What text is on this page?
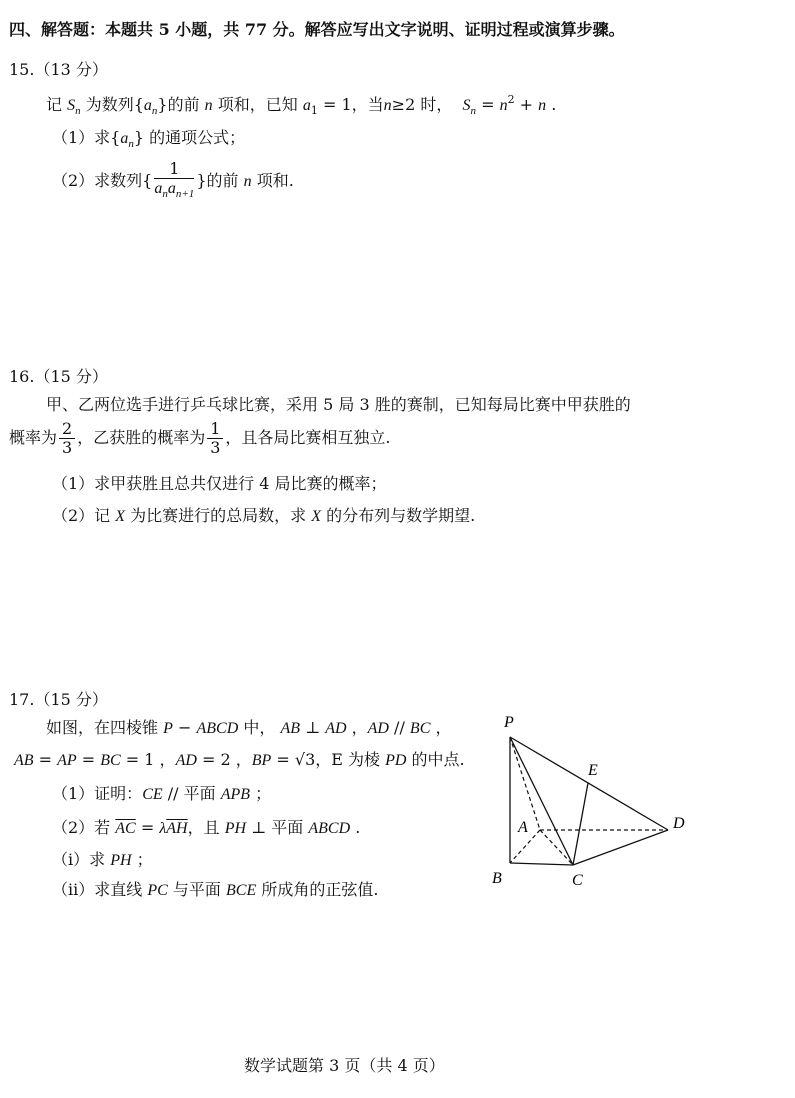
四、解答题：本题共 5 小题，共 77 分。解答应写出文字说明、证明过程或演算步骤。
15.（13 分）
记 $S_n$ 为数列$\{a_n\}$的前 n 项和，已知 $a_1 = 1$，当n≥2 时， $S_n = n^2 + n$ .
（1）求$\{a_n\}$ 的通项公式；
（2）求数列{ $\frac{1}{a_na_{n+1}}$ }的前 n 项和.
16.（15 分）
甲、乙两位选手进行乒乓球比赛，采用 5 局 3 胜的赛制，已知每局比赛中甲获胜的
概率为 $\frac{2}{3}$ ，乙获胜的概率为 $\frac{1}{3}$ ，且各局比赛相互独立.
（1）求甲获胜且总共仅进行 4 局比赛的概率；
（2）记 X 为比赛进行的总局数，求 X 的分布列与数学期望.
17.（15 分）
如图，在四棱锥 P − ABCD 中， AB ⊥ AD ，AD // BC ，
AB = AP = BC = 1 ，AD = 2 ，BP = √3，E 为棱 PD 的中点.
（1）证明：CE // 平面 APB ；
（2）若 $\overline{AC} = \lambda\overline{AH}$，且 PH ⊥ 平面 ABCD .
（i）求 PH ；
（ii）求直线 PC 与平面 BCE 所成角的正弦值.
P
E
A	D
B	C
数学试题第 3 页（共 4 页）
